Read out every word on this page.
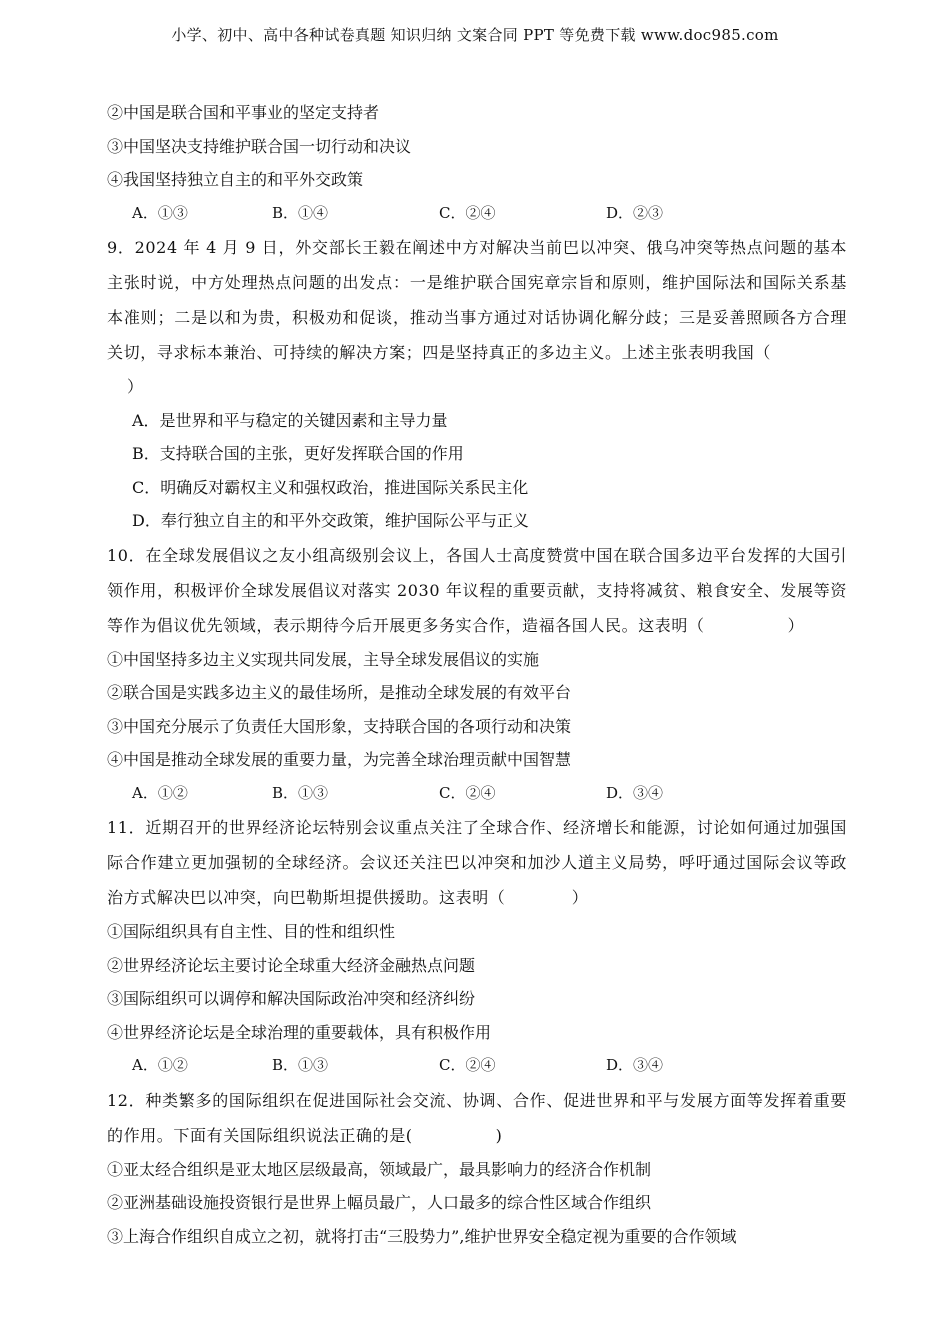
小学、初中、高中各种试卷真题 知识归纳 文案合同 PPT 等免费下载 www.doc985.com
②中国是联合国和平事业的坚定支持者
③中国坚决支持维护联合国一切行动和决议
④我国坚持独立自主的和平外交政策
A．①③	B．①④	C．②④	D．②③
9．2024 年 4 月 9 日，外交部长王毅在阐述中方对解决当前巴以冲突、俄乌冲突等热点问题的基本主张时说，中方处理热点问题的出发点：一是维护联合国宪章宗旨和原则，维护国际法和国际关系基本准则；二是以和为贵，积极劝和促谈，推动当事方通过对话协调化解分歧；三是妥善照顾各方合理关切，寻求标本兼治、可持续的解决方案；四是坚持真正的多边主义。上述主张表明我国（
）
A．是世界和平与稳定的关键因素和主导力量
B．支持联合国的主张，更好发挥联合国的作用
C．明确反对霸权主义和强权政治，推进国际关系民主化
D．奉行独立自主的和平外交政策，维护国际公平与正义
10．在全球发展倡议之友小组高级别会议上，各国人士高度赞赏中国在联合国多边平台发挥的大国引领作用，积极评价全球发展倡议对落实 2030 年议程的重要贡献，支持将减贫、粮食安全、发展等资等作为倡议优先领域，表示期待今后开展更多务实合作，造福各国人民。这表明（　　　　　）
①中国坚持多边主义实现共同发展，主导全球发展倡议的实施
②联合国是实践多边主义的最佳场所，是推动全球发展的有效平台
③中国充分展示了负责任大国形象，支持联合国的各项行动和决策
④中国是推动全球发展的重要力量，为完善全球治理贡献中国智慧
A．①②	B．①③	C．②④	D．③④
11．近期召开的世界经济论坛特别会议重点关注了全球合作、经济增长和能源，讨论如何通过加强国际合作建立更加强韧的全球经济。会议还关注巴以冲突和加沙人道主义局势，呼吁通过国际会议等政治方式解决巴以冲突，向巴勒斯坦提供援助。这表明（　　　　）
①国际组织具有自主性、目的性和组织性
②世界经济论坛主要讨论全球重大经济金融热点问题
③国际组织可以调停和解决国际政治冲突和经济纠纷
④世界经济论坛是全球治理的重要载体，具有积极作用
A．①②	B．①③	C．②④	D．③④
12．种类繁多的国际组织在促进国际社会交流、协调、合作、促进世界和平与发展方面等发挥着重要的作用。下面有关国际组织说法正确的是(　　　　　)
①亚太经合组织是亚太地区层级最高，领域最广，最具影响力的经济合作机制
②亚洲基础设施投资银行是世界上幅员最广，人口最多的综合性区域合作组织
③上海合作组织自成立之初，就将打击“三股势力”,维护世界安全稳定视为重要的合作领域
